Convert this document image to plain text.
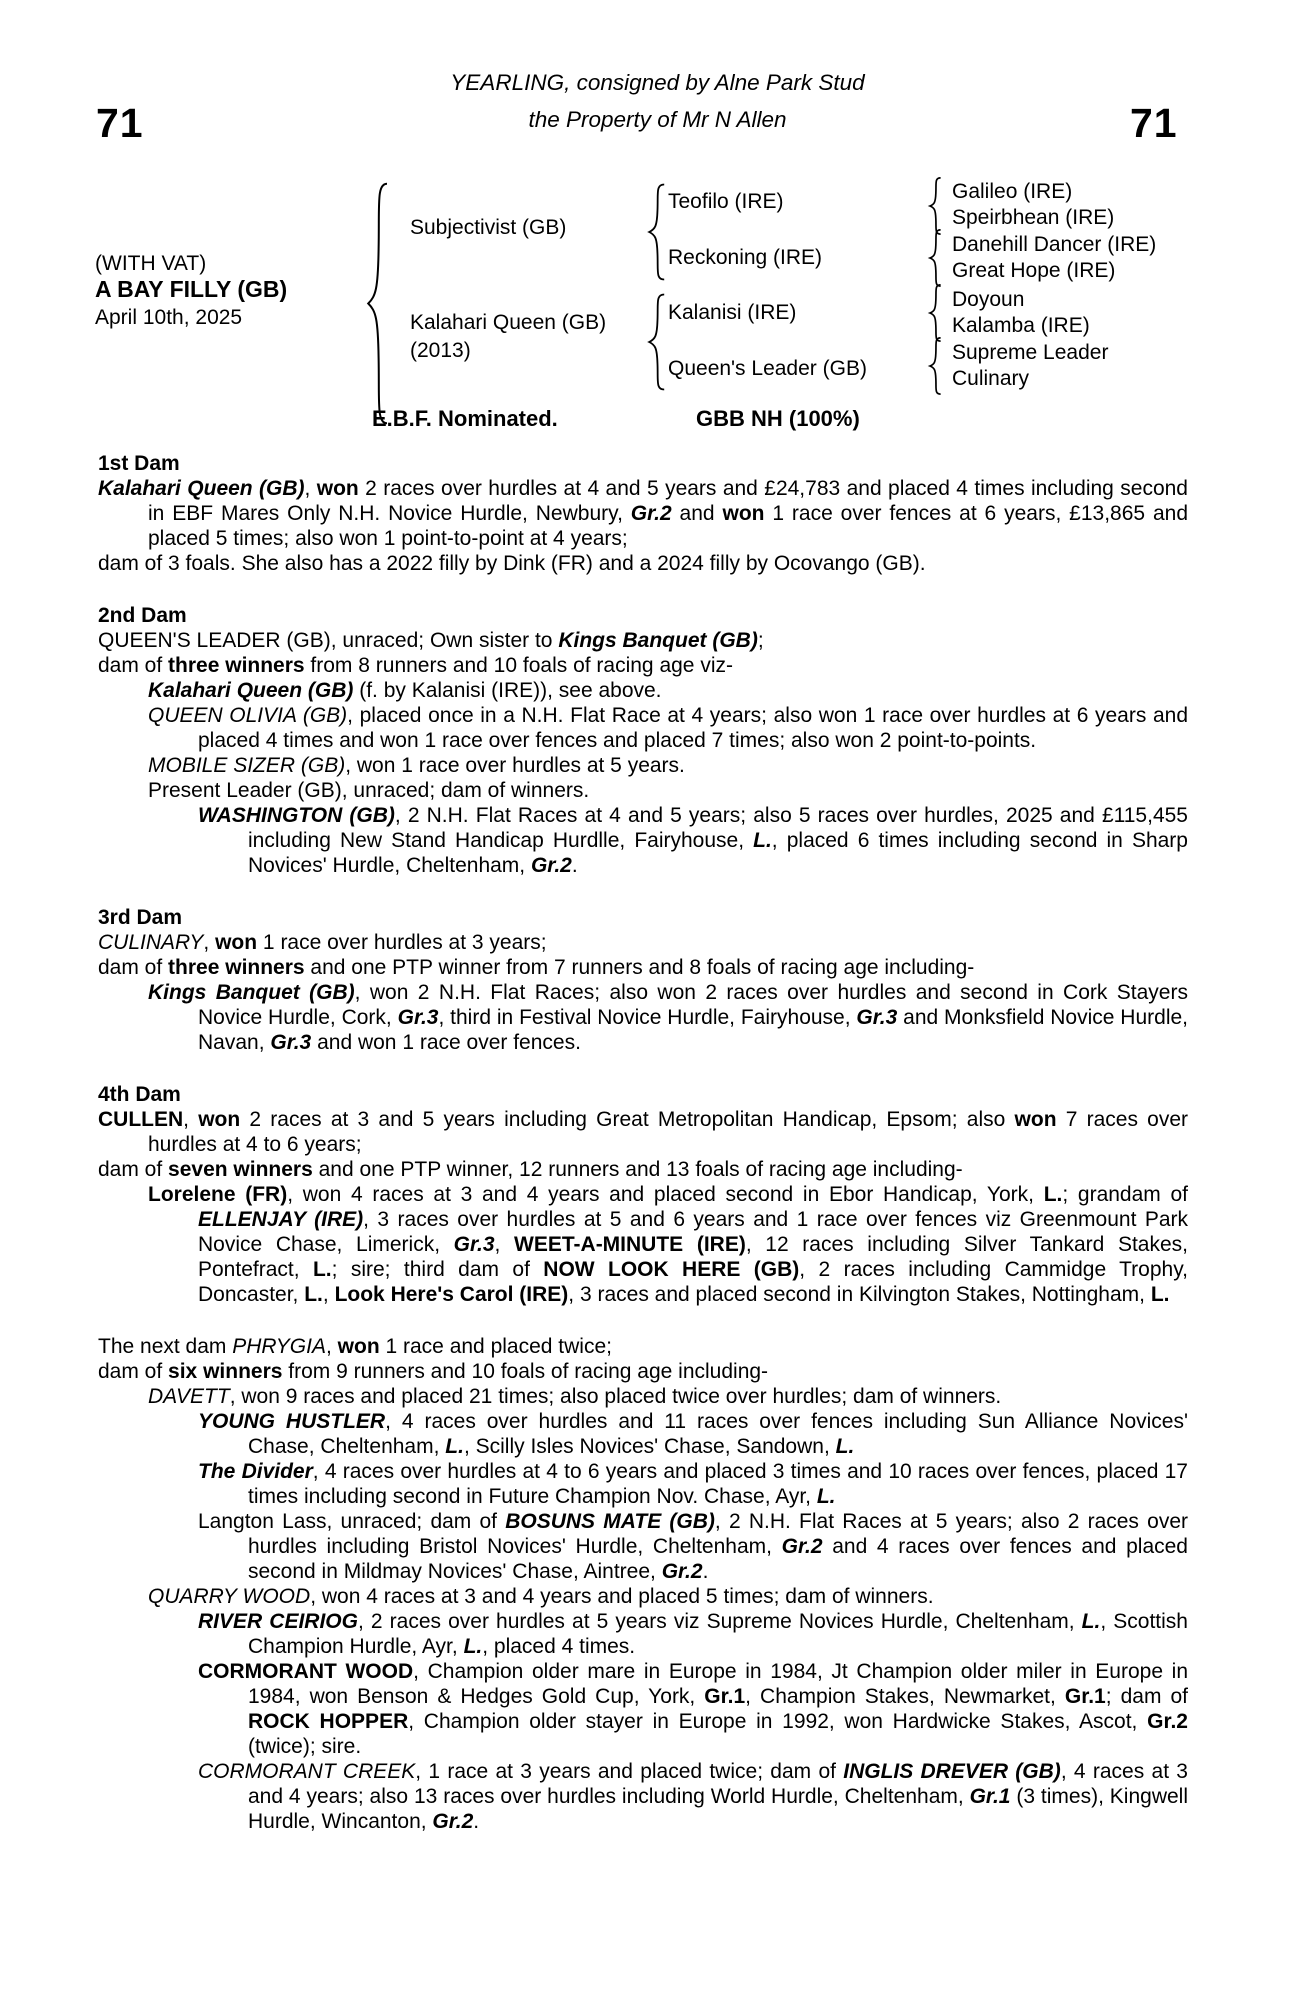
71	71
YEARLING, consigned by Alne Park Stud
the Property of Mr N Allen
(WITH VAT)
A BAY FILLY (GB)
April 10th, 2025
Subjectivist (GB)
Kalahari Queen (GB)
(2013)
Teofilo (IRE)
Reckoning (IRE)
Kalanisi (IRE)
Queen's Leader (GB)
Galileo (IRE)
Speirbhean (IRE)
Danehill Dancer (IRE)
Great Hope (IRE)
Doyoun
Kalamba (IRE)
Supreme Leader
Culinary
E.B.F. Nominated.	GBB NH (100%)
1st Dam
Kalahari Queen (GB), won 2 races over hurdles at 4 and 5 years and £24,783 and placed 4 times including second in EBF Mares Only N.H. Novice Hurdle, Newbury, Gr.2 and won 1 race over fences at 6 years, £13,865 and placed 5 times; also won 1 point-to-point at 4 years;
dam of 3 foals. She also has a 2022 filly by Dink (FR) and a 2024 filly by Ocovango (GB).
2nd Dam
QUEEN'S LEADER (GB), unraced; Own sister to Kings Banquet (GB);
dam of three winners from 8 runners and 10 foals of racing age viz-
Kalahari Queen (GB) (f. by Kalanisi (IRE)), see above.
QUEEN OLIVIA (GB), placed once in a N.H. Flat Race at 4 years; also won 1 race over hurdles at 6 years and placed 4 times and won 1 race over fences and placed 7 times; also won 2 point-to-points.
MOBILE SIZER (GB), won 1 race over hurdles at 5 years.
Present Leader (GB), unraced; dam of winners.
WASHINGTON (GB), 2 N.H. Flat Races at 4 and 5 years; also 5 races over hurdles, 2025 and £115,455 including New Stand Handicap Hurdlle, Fairyhouse, L., placed 6 times including second in Sharp Novices' Hurdle, Cheltenham, Gr.2.
3rd Dam
CULINARY, won 1 race over hurdles at 3 years;
dam of three winners and one PTP winner from 7 runners and 8 foals of racing age including-
Kings Banquet (GB), won 2 N.H. Flat Races; also won 2 races over hurdles and second in Cork Stayers Novice Hurdle, Cork, Gr.3, third in Festival Novice Hurdle, Fairyhouse, Gr.3 and Monksfield Novice Hurdle, Navan, Gr.3 and won 1 race over fences.
4th Dam
CULLEN, won 2 races at 3 and 5 years including Great Metropolitan Handicap, Epsom; also won 7 races over hurdles at 4 to 6 years;
dam of seven winners and one PTP winner, 12 runners and 13 foals of racing age including-
Lorelene (FR), won 4 races at 3 and 4 years and placed second in Ebor Handicap, York, L.; grandam of ELLENJAY (IRE), 3 races over hurdles at 5 and 6 years and 1 race over fences viz Greenmount Park Novice Chase, Limerick, Gr.3, WEET-A-MINUTE (IRE), 12 races including Silver Tankard Stakes, Pontefract, L.; sire; third dam of NOW LOOK HERE (GB), 2 races including Cammidge Trophy, Doncaster, L., Look Here's Carol (IRE), 3 races and placed second in Kilvington Stakes, Nottingham, L.
The next dam PHRYGIA, won 1 race and placed twice;
dam of six winners from 9 runners and 10 foals of racing age including-
DAVETT, won 9 races and placed 21 times; also placed twice over hurdles; dam of winners.
YOUNG HUSTLER, 4 races over hurdles and 11 races over fences including Sun Alliance Novices' Chase, Cheltenham, L., Scilly Isles Novices' Chase, Sandown, L.
The Divider, 4 races over hurdles at 4 to 6 years and placed 3 times and 10 races over fences, placed 17 times including second in Future Champion Nov. Chase, Ayr, L.
Langton Lass, unraced; dam of BOSUNS MATE (GB), 2 N.H. Flat Races at 5 years; also 2 races over hurdles including Bristol Novices' Hurdle, Cheltenham, Gr.2 and 4 races over fences and placed second in Mildmay Novices' Chase, Aintree, Gr.2.
QUARRY WOOD, won 4 races at 3 and 4 years and placed 5 times; dam of winners.
RIVER CEIRIOG, 2 races over hurdles at 5 years viz Supreme Novices Hurdle, Cheltenham, L., Scottish Champion Hurdle, Ayr, L., placed 4 times.
CORMORANT WOOD, Champion older mare in Europe in 1984, Jt Champion older miler in Europe in 1984, won Benson & Hedges Gold Cup, York, Gr.1, Champion Stakes, Newmarket, Gr.1; dam of ROCK HOPPER, Champion older stayer in Europe in 1992, won Hardwicke Stakes, Ascot, Gr.2 (twice); sire.
CORMORANT CREEK, 1 race at 3 years and placed twice; dam of INGLIS DREVER (GB), 4 races at 3 and 4 years; also 13 races over hurdles including World Hurdle, Cheltenham, Gr.1 (3 times), Kingwell Hurdle, Wincanton, Gr.2.
